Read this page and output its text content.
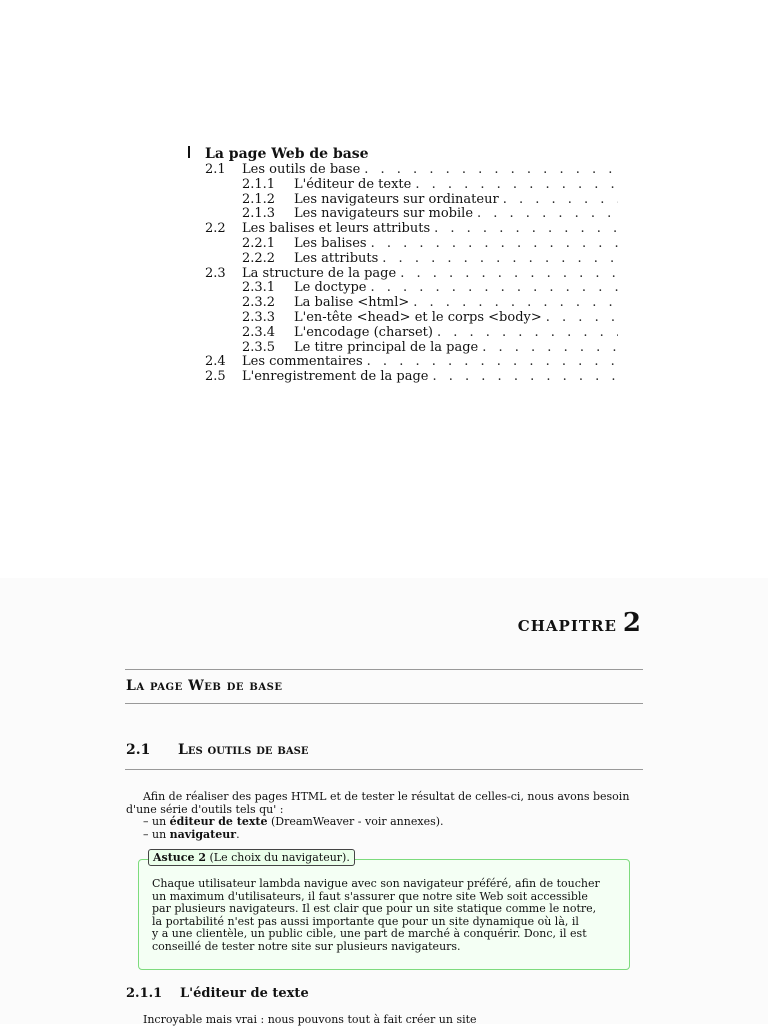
La page Web de base
2.1	Les outils de base
. . .
2.1.1	L'éditeur de texte
. . .
2.1.2	Les navigateurs sur ordinateur
. . .
2.1.3	Les navigateurs sur mobile
. . .
2.2	Les balises et leurs attributs
. . .
2.2.1	Les balises
. . .
2.2.2	Les attributs
. . .
2.3	La structure de la page
. . .
2.3.1	Le doctype
. . .
2.3.2	La balise <html>
. . .
2.3.3	L'en-tête <head> et le corps <body>
. . .
2.3.4	L'encodage (charset)
. . .
2.3.5	Le titre principal de la page
. . .
2.4	Les commentaires
. . .
2.5	L'enregistrement de la page
. . .
CHAPITRE 2
La page Web de base
2.1 Les outils de base
Afin de réaliser des pages HTML et de tester le résultat de celles-ci, nous avons besoin
d'une série d'outils tels qu' :
– un éditeur de texte (DreamWeaver - voir annexes).
– un navigateur.
Astuce 2 (Le choix du navigateur).
Chaque utilisateur lambda navigue avec son navigateur préféré, afin de toucher
un maximum d'utilisateurs, il faut s'assurer que notre site Web soit accessible
par plusieurs navigateurs. Il est clair que pour un site statique comme le notre,
la portabilité n'est pas aussi importante que pour un site dynamique où là, il
y a une clientèle, un public cible, une part de marché à conquérir. Donc, il est
conseillé de tester notre site sur plusieurs navigateurs.
2.1.1 L'éditeur de texte
Incroyable mais vrai : nous pouvons tout à fait créer un site
